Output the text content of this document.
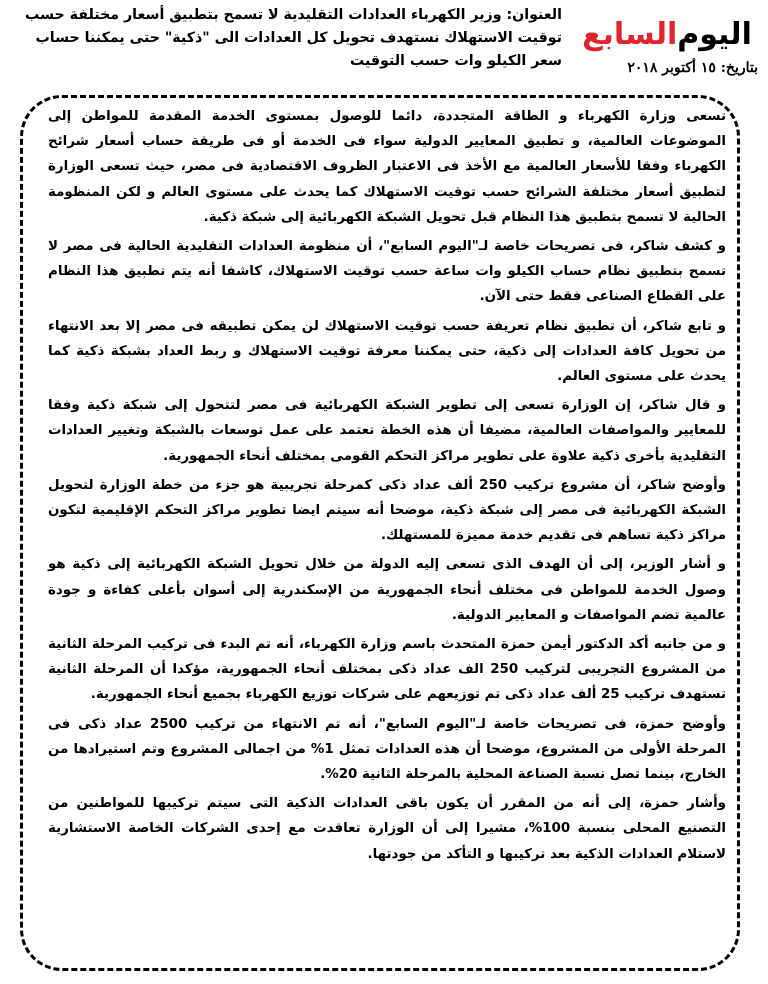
اليوم
السابع
بتاريخ: ١٥ أكتوبر ٢٠١٨
العنوان: وزير الكهرباء العدادات التقليدية لا تسمح بتطبيق أسعار مختلفة حسب توقيت الاستهلاك نستهدف تحويل كل العدادات الى "ذكية" حتى يمكننا حساب سعر الكيلو وات حسب التوقيت

تسعى وزارة الكهرباء و الطاقة المتجددة، دائما للوصول بمستوى الخدمة المقدمة للمواطن إلى الموضوعات العالمية، و تطبيق المعايير الدولية سواء فى الخدمة أو فى طريقة حساب أسعار شرائح الكهرباء وفقا للأسعار العالمية مع الأخذ فى الاعتبار الظروف الاقتصادية فى مصر، حيث تسعى الوزارة لتطبيق أسعار مختلفة الشرائح حسب توقيت الاستهلاك كما يحدث على مستوى العالم و لكن المنظومة الحالية لا تسمح بتطبيق هذا النظام قبل تحويل الشبكة الكهربائية إلى شبكة ذكية.

و كشف شاكر، فى تصريحات خاصة لـ"اليوم السابع"، أن منظومة العدادات التقليدية الحالية فى مصر لا تسمح بتطبيق نظام حساب الكيلو وات ساعة حسب توقيت الاستهلاك، كاشفا أنه يتم تطبيق هذا النظام على القطاع الصناعى فقط حتى الآن.

و تابع شاكر، أن تطبيق نظام تعريفة حسب توقيت الاستهلاك لن يمكن تطبيقه فى مصر إلا بعد الانتهاء من تحويل كافة العدادات إلى ذكية، حتى يمكننا معرفة توقيت الاستهلاك و ربط العداد بشبكة ذكية كما يحدث على مستوى العالم.

و قال شاكر، إن الوزارة تسعى إلى تطوير الشبكة الكهربائية فى مصر لتتحول إلى شبكة ذكية وفقا للمعايير والمواصفات العالمية، مضيفا أن هذه الخطة تعتمد على عمل توسعات بالشبكة وتغيير العدادات التقليدية بأخرى ذكية علاوة على تطوير مراكز التحكم القومى بمختلف أنحاء الجمهورية.

وأوضح شاكر، أن مشروع تركيب 250 ألف عداد ذكى كمرحلة تجريبية هو جزء من خطة الوزارة لتحويل الشبكة الكهربائية فى مصر إلى شبكة ذكية، موضحا أنه سيتم ايضا تطوير مراكز التحكم الإقليمية لتكون مراكز ذكية تساهم فى تقديم خدمة مميزة للمستهلك.

و أشار الوزير، إلى أن الهدف الذى تسعى إليه الدولة من خلال تحويل الشبكة الكهربائية إلى ذكية هو وصول الخدمة للمواطن فى مختلف أنحاء الجمهورية من الإسكندرية إلى أسوان بأعلى كفاءة و جودة عالمية تضم المواصفات و المعايير الدولية.

و من جانبه أكد الدكتور أيمن حمزة المتحدث باسم وزارة الكهرباء، أنه تم البدء فى تركيب المرحلة الثانية من المشروع التجريبى لتركيب 250 الف عداد ذكى بمختلف أنحاء الجمهورية، مؤكدا أن المرحلة الثانية تستهدف تركيب 25 ألف عداد ذكى تم توزيعهم على شركات توزيع الكهرباء بجميع أنحاء الجمهورية.

وأوضح حمزة، فى تصريحات خاصة لـ"اليوم السابع"، أنه تم الانتهاء من تركيب 2500 عداد ذكى فى المرحلة الأولى من المشروع، موضحا أن هذه العدادات تمثل 1% من اجمالى المشروع وتم استيرادها من الخارج، بينما تصل نسبة الصناعة المحلية بالمرحلة الثانية 20%.

وأشار حمزة، إلى أنه من المقرر أن يكون باقى العدادات الذكية التى سيتم تركيبها للمواطنين من التصنيع المحلى بنسبة 100%، مشيرا إلى أن الوزارة تعاقدت مع إحدى الشركات الخاصة الاستشارية لاستلام العدادات الذكية بعد تركيبها و التأكد من جودتها.
